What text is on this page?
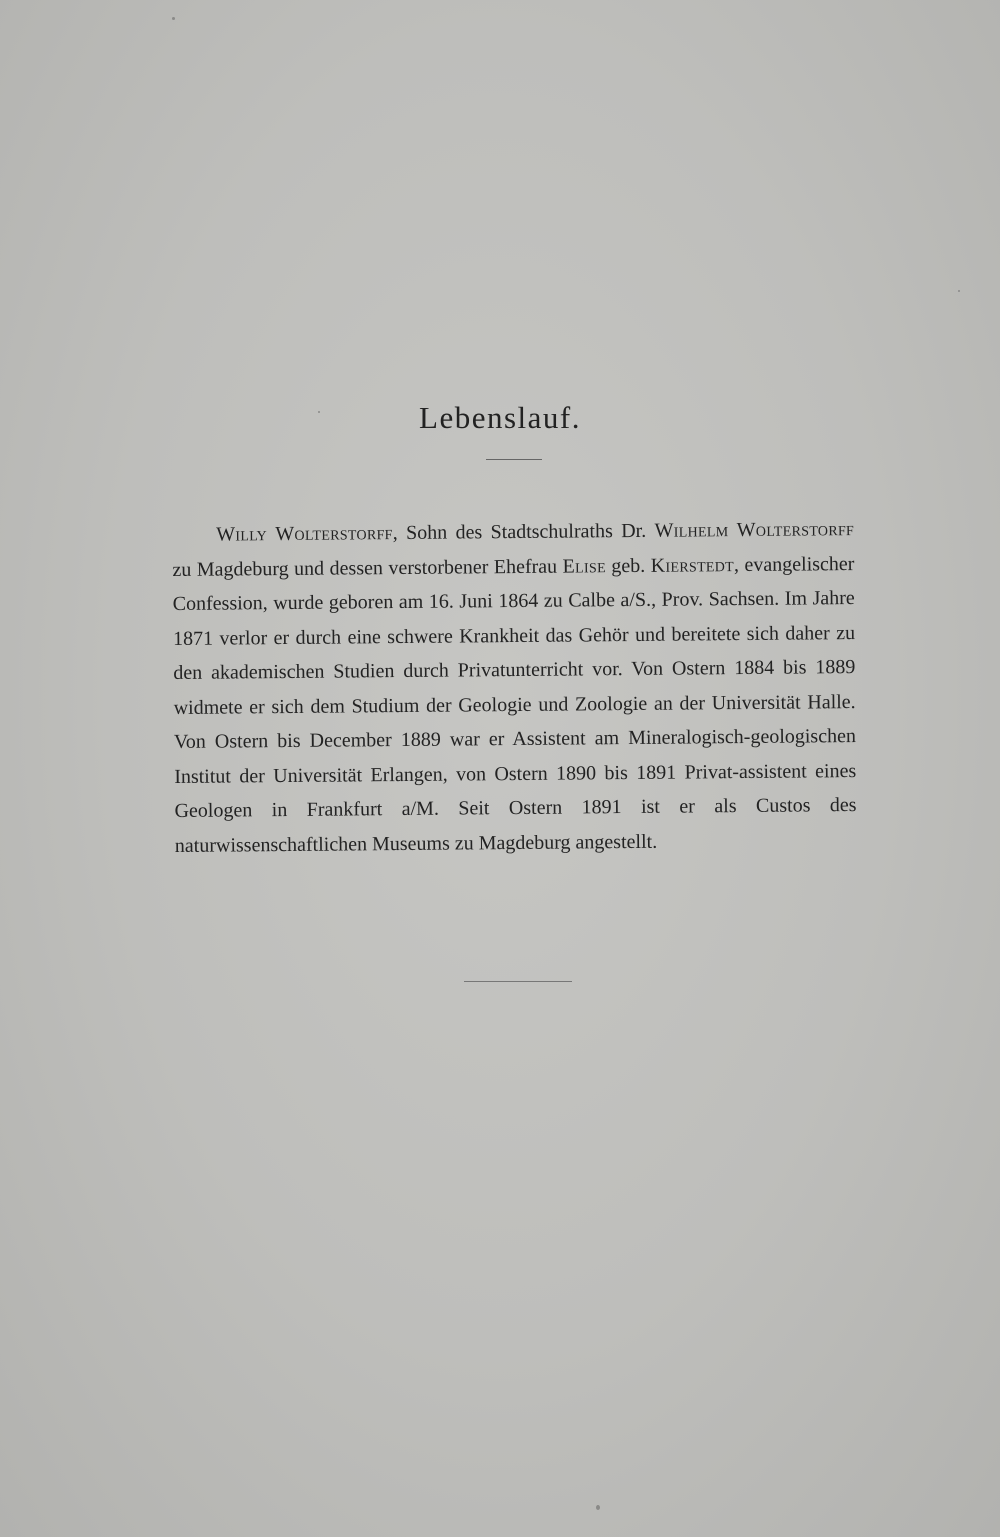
Lebenslauf.

Willy Wolterstorff, Sohn des Stadtschulraths Dr. Wilhelm Wolterstorff zu Magdeburg und dessen verstorbener Ehefrau Elise geb. Kierstedt, evangelischer Confession, wurde geboren am 16. Juni 1864 zu Calbe a/S., Prov. Sachsen. Im Jahre 1871 verlor er durch eine schwere Krankheit das Gehör und bereitete sich daher zu den akademischen Studien durch Privatunterricht vor. Von Ostern 1884 bis 1889 widmete er sich dem Studium der Geologie und Zoologie an der Universität Halle. Von Ostern bis December 1889 war er Assistent am Mineralogisch-geologischen Institut der Universität Erlangen, von Ostern 1890 bis 1891 Privat-assistent eines Geologen in Frankfurt a/M. Seit Ostern 1891 ist er als Custos des naturwissenschaftlichen Museums zu Magdeburg angestellt.
